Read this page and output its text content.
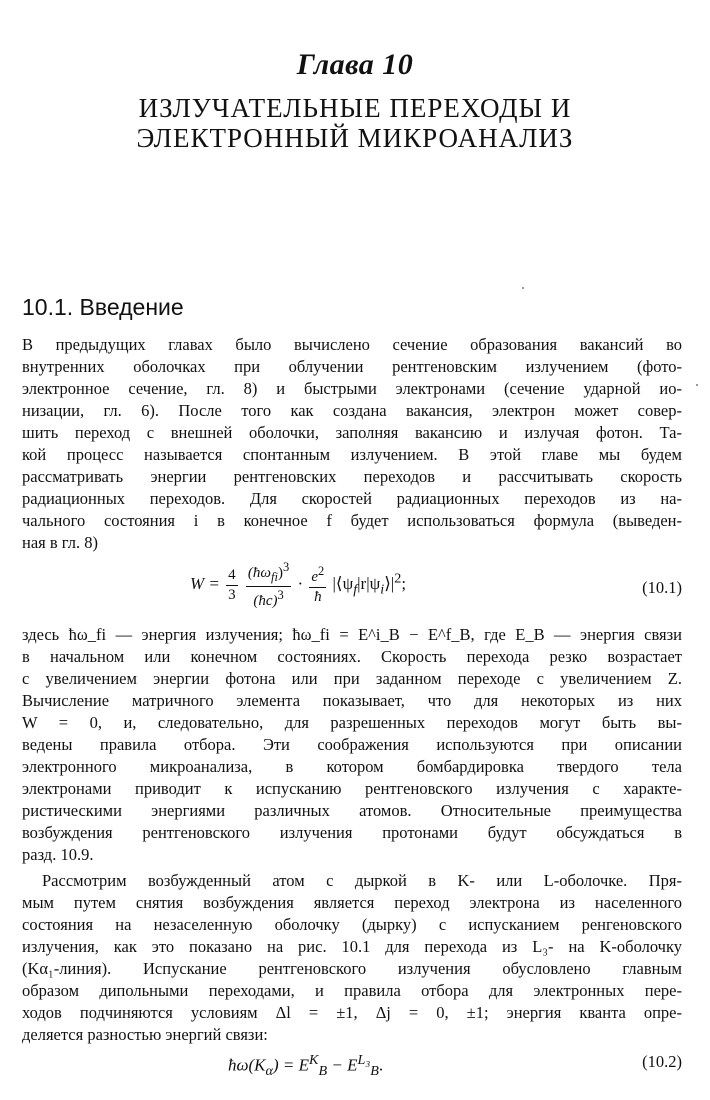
Глава 10
ИЗЛУЧАТЕЛЬНЫЕ ПЕРЕХОДЫ И
ЭЛЕКТРОННЫЙ МИКРОАНАЛИЗ
10.1. Введение
В предыдущих главах было вычислено сечение образования вакансий во
внутренних оболочках при облучении рентгеновским излучением (фото-
электронное сечение, гл. 8) и быстрыми электронами (сечение ударной ио-
низации, гл. 6). После того как создана вакансия, электрон может совер-
шить переход с внешней оболочки, заполняя вакансию и излучая фотон. Та-
кой процесс называется спонтанным излучением. В этой главе мы будем
рассматривать энергии рентгеновских переходов и рассчитывать скорость
радиационных переходов. Для скоростей радиационных переходов из на-
чального состояния i в конечное f будет использоваться формула (выведен-
ная в гл. 8)
$W = \frac{4}{3}$
$\frac{(ħ\omega_{fi})^3}{(ħc)^3} \cdot \frac{e^2}{ħ}$ $|⟨\psi_f|r|\psi_i⟩|^2$;	(10.1)
здесь ħω_fi — энергия излучения; ħω_fi = E^i_B − E^f_B, где E_B — энергия связи
в начальном или конечном состояниях. Скорость перехода резко возрастает
с увеличением энергии фотона или при заданном переходе с увеличением Z.
Вычисление матричного элемента показывает, что для некоторых из них
W = 0, и, следовательно, для разрешенных переходов могут быть вы-
ведены правила отбора. Эти соображения используются при описании
электронного микроанализа, в котором бомбардировка твердого тела
электронами приводит к испусканию рентгеновского излучения с характе-
ристическими энергиями различных атомов. Относительные преимущества
возбуждения рентгеновского излучения протонами будут обсуждаться в
разд. 10.9.
Рассмотрим возбужденный атом с дыркой в K- или L-оболочке. Пря-
мым путем снятия возбуждения является переход электрона из населенного
состояния на незаселенную оболочку (дырку) с испусканием ренгеновского
излучения, как это показано на рис. 10.1 для перехода из L₃- на K-оболочку
(Kα₁-линия). Испускание рентгеновского излучения обусловлено главным
образом дипольными переходами, и правила отбора для электронных пере-
ходов подчиняются условиям Δl = ±1, Δj = 0, ±1; энергия кванта опре-
деляется разностью энергий связи:
$ħ\omega(K_\alpha) = E^K_B - E^{L_3}_B$.	(10.2)
